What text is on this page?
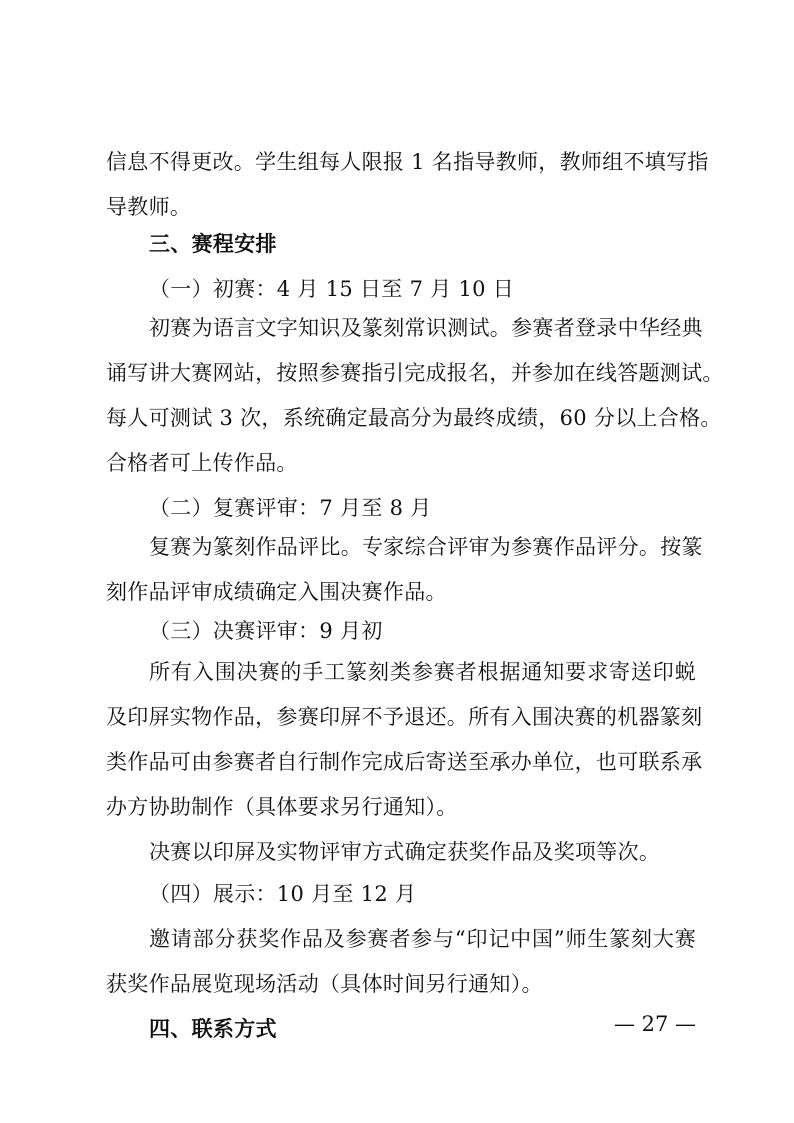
信息不得更改。学生组每人限报 1 名指导教师，教师组不填写指
导教师。
三、赛程安排
（一）初赛：4 月 15 日至 7 月 10 日
初赛为语言文字知识及篆刻常识测试。参赛者登录中华经典
诵写讲大赛网站，按照参赛指引完成报名，并参加在线答题测试。
每人可测试 3 次，系统确定最高分为最终成绩，60 分以上合格。
合格者可上传作品。
（二）复赛评审：7 月至 8 月
复赛为篆刻作品评比。专家综合评审为参赛作品评分。按篆
刻作品评审成绩确定入围决赛作品。
（三）决赛评审：9 月初
所有入围决赛的手工篆刻类参赛者根据通知要求寄送印蜕
及印屏实物作品，参赛印屏不予退还。所有入围决赛的机器篆刻
类作品可由参赛者自行制作完成后寄送至承办单位，也可联系承
办方协助制作（具体要求另行通知）。
决赛以印屏及实物评审方式确定获奖作品及奖项等次。
（四）展示：10 月至 12 月
邀请部分获奖作品及参赛者参与“印记中国”师生篆刻大赛
获奖作品展览现场活动（具体时间另行通知）。
四、联系方式	— 27 —
